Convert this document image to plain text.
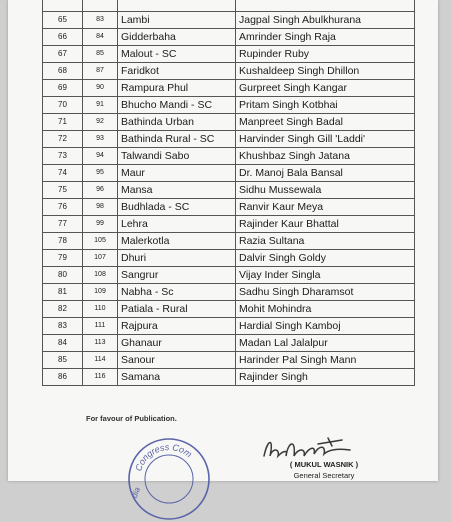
65	83	Lambi	Jagpal Singh Abulkhurana
66	84	Gidderbaha	Amrinder Singh Raja
67	85	Malout - SC	Rupinder Ruby
68	87	Faridkot	Kushaldeep Singh Dhillon
69	90	Rampura Phul	Gurpreet Singh Kangar
70	91	Bhucho Mandi - SC	Pritam Singh Kotbhai
71	92	Bathinda Urban	Manpreet Singh Badal
72	93	Bathinda Rural - SC	Harvinder Singh Gill 'Laddi'
73	94	Talwandi Sabo	Khushbaz Singh Jatana
74	95	Maur	Dr. Manoj Bala Bansal
75	96	Mansa	Sidhu Mussewala
76	98	Budhlada - SC	Ranvir Kaur Meya
77	99	Lehra	Rajinder Kaur Bhattal
78	105	Malerkotla	Razia Sultana
79	107	Dhuri	Dalvir Singh Goldy
80	108	Sangrur	Vijay Inder Singla
81	109	Nabha - Sc	Sadhu Singh Dharamsot
82	110	Patiala - Rural	Mohit Mohindra
83	111	Rajpura	Hardial Singh Kamboj
84	113	Ghanaur	Madan Lal Jalalpur
85	114	Sanour	Harinder Pal Singh Mann
86	116	Samana	Rajinder Singh
For favour of Publication.
Congress Com
dia
( MUKUL WASNIK )
General Secretary
